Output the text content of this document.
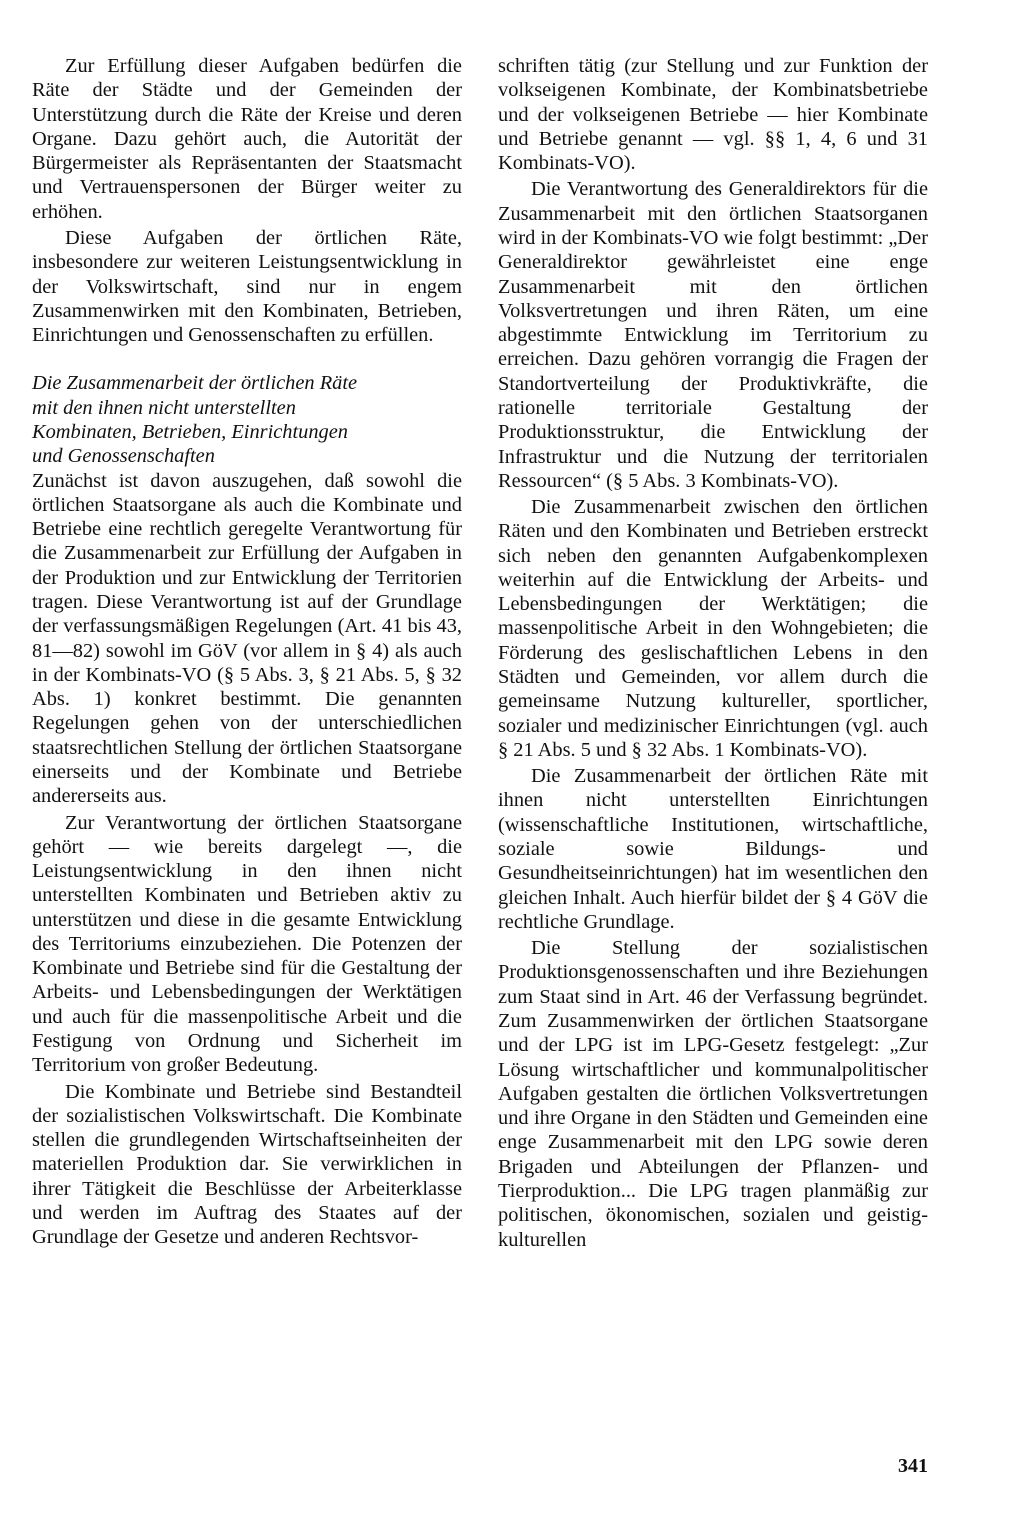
Zur Erfüllung dieser Aufgaben bedürfen die Räte der Städte und der Gemeinden der Unterstützung durch die Räte der Kreise und deren Organe. Dazu gehört auch, die Autorität der Bürgermeister als Repräsentanten der Staatsmacht und Vertrauenspersonen der Bürger weiter zu erhöhen.

Diese Aufgaben der örtlichen Räte, insbesondere zur weiteren Leistungsentwicklung in der Volkswirtschaft, sind nur in engem Zusammenwirken mit den Kombinaten, Betrieben, Einrichtungen und Genossenschaften zu erfüllen.

Die Zusammenarbeit der örtlichen Räte
mit den ihnen nicht unterstellten
Kombinaten, Betrieben, Einrichtungen
und Genossenschaften

Zunächst ist davon auszugehen, daß sowohl die örtlichen Staatsorgane als auch die Kombinate und Betriebe eine rechtlich geregelte Verantwortung für die Zusammenarbeit zur Erfüllung der Aufgaben in der Produktion und zur Entwicklung der Territorien tragen. Diese Verantwortung ist auf der Grundlage der verfassungsmäßigen Regelungen (Art. 41 bis 43, 81—82) sowohl im GöV (vor allem in § 4) als auch in der Kombinats-VO (§ 5 Abs. 3, § 21 Abs. 5, § 32 Abs. 1) konkret bestimmt. Die genannten Regelungen gehen von der unterschiedlichen staatsrechtlichen Stellung der örtlichen Staatsorgane einerseits und der Kombinate und Betriebe andererseits aus.

Zur Verantwortung der örtlichen Staatsorgane gehört — wie bereits dargelegt —, die Leistungsentwicklung in den ihnen nicht unterstellten Kombinaten und Betrieben aktiv zu unterstützen und diese in die gesamte Entwicklung des Territoriums einzubeziehen. Die Potenzen der Kombinate und Betriebe sind für die Gestaltung der Arbeits- und Lebensbedingungen der Werktätigen und auch für die massenpolitische Arbeit und die Festigung von Ordnung und Sicherheit im Territorium von großer Bedeutung.

Die Kombinate und Betriebe sind Bestandteil der sozialistischen Volkswirtschaft. Die Kombinate stellen die grundlegenden Wirtschaftseinheiten der materiellen Produktion dar. Sie verwirklichen in ihrer Tätigkeit die Beschlüsse der Arbeiterklasse und werden im Auftrag des Staates auf der Grundlage der Gesetze und anderen Rechtsvor-

schriften tätig (zur Stellung und zur Funktion der volkseigenen Kombinate, der Kombinatsbetriebe und der volkseigenen Betriebe — hier Kombinate und Betriebe genannt — vgl. §§ 1, 4, 6 und 31 Kombinats-VO).

Die Verantwortung des Generaldirektors für die Zusammenarbeit mit den örtlichen Staatsorganen wird in der Kombinats-VO wie folgt bestimmt: „Der Generaldirektor gewährleistet eine enge Zusammenarbeit mit den örtlichen Volksvertretungen und ihren Räten, um eine abgestimmte Entwicklung im Territorium zu erreichen. Dazu gehören vorrangig die Fragen der Standortverteilung der Produktivkräfte, die rationelle territoriale Gestaltung der Produktionsstruktur, die Entwicklung der Infrastruktur und die Nutzung der territorialen Ressourcen“ (§ 5 Abs. 3 Kombinats-VO).

Die Zusammenarbeit zwischen den örtlichen Räten und den Kombinaten und Betrieben erstreckt sich neben den genannten Aufgabenkomplexen weiterhin auf die Entwicklung der Arbeits- und Lebensbedingungen der Werktätigen; die massenpolitische Arbeit in den Wohngebieten; die Förderung des geslischaftlichen Lebens in den Städten und Gemeinden, vor allem durch die gemeinsame Nutzung kultureller, sportlicher, sozialer und medizinischer Einrichtungen (vgl. auch § 21 Abs. 5 und § 32 Abs. 1 Kombinats-VO).

Die Zusammenarbeit der örtlichen Räte mit ihnen nicht unterstellten Einrichtungen (wissenschaftliche Institutionen, wirtschaftliche, soziale sowie Bildungs- und Gesundheitseinrichtungen) hat im wesentlichen den gleichen Inhalt. Auch hierfür bildet der § 4 GöV die rechtliche Grundlage.

Die Stellung der sozialistischen Produktionsgenossenschaften und ihre Beziehungen zum Staat sind in Art. 46 der Verfassung begründet. Zum Zusammenwirken der örtlichen Staatsorgane und der LPG ist im LPG-Gesetz festgelegt: „Zur Lösung wirtschaftlicher und kommunalpolitischer Aufgaben gestalten die örtlichen Volksvertretungen und ihre Organe in den Städten und Gemeinden eine enge Zusammenarbeit mit den LPG sowie deren Brigaden und Abteilungen der Pflanzen- und Tierproduktion... Die LPG tragen planmäßig zur politischen, ökonomischen, sozialen und geistig-kulturellen

341
